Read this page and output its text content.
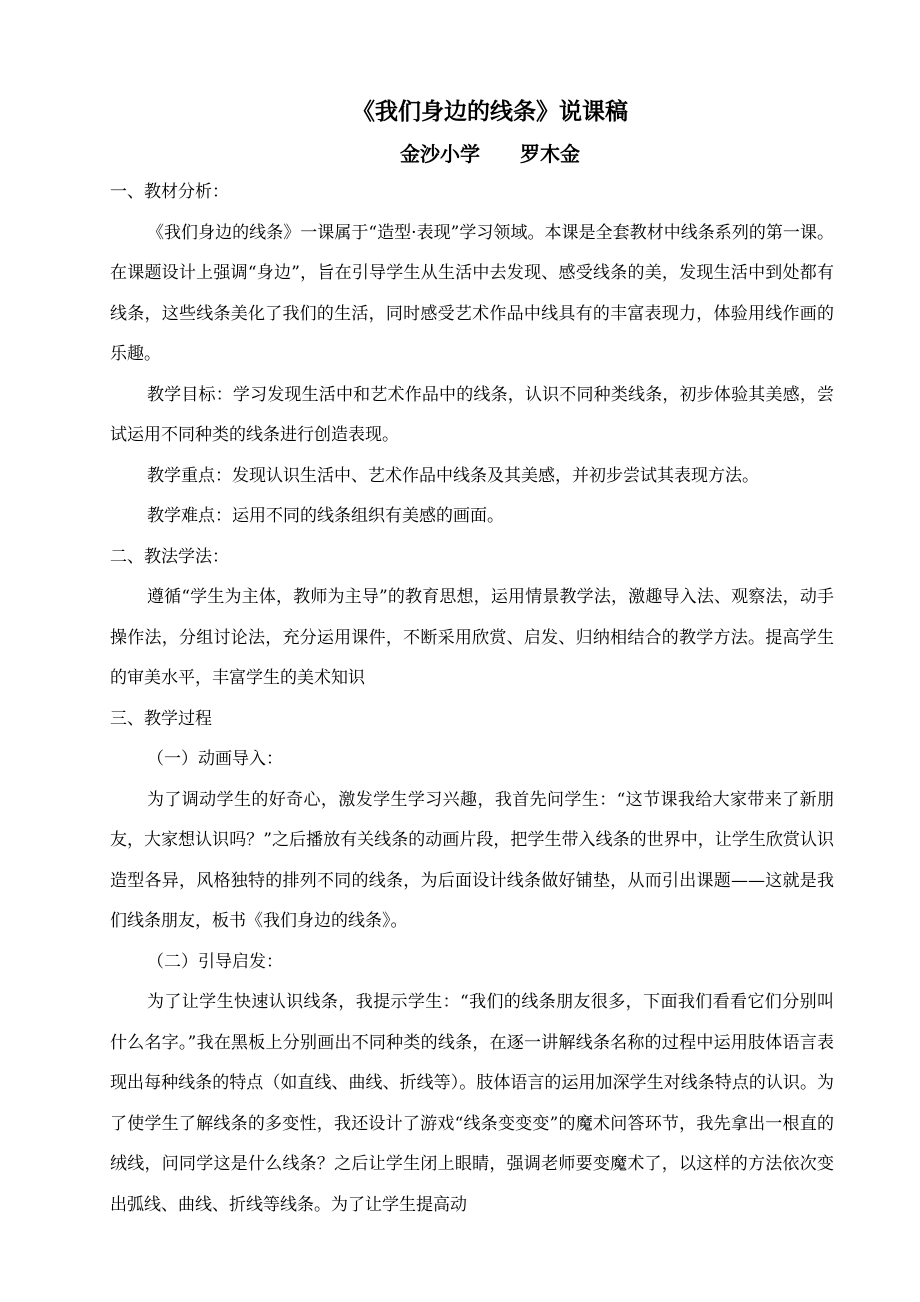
《我们身边的线条》说课稿
金沙小学 罗木金

一、教材分析：

《我们身边的线条》一课属于“造型·表现”学习领域。本课是全套教材中线条系列的第一课。在课题设计上强调“身边”，旨在引导学生从生活中去发现、感受线条的美，发现生活中到处都有线条，这些线条美化了我们的生活，同时感受艺术作品中线具有的丰富表现力，体验用线作画的乐趣。

教学目标：学习发现生活中和艺术作品中的线条，认识不同种类线条，初步体验其美感，尝试运用不同种类的线条进行创造表现。

教学重点：发现认识生活中、艺术作品中线条及其美感，并初步尝试其表现方法。

教学难点：运用不同的线条组织有美感的画面。

二、教法学法：

遵循“学生为主体，教师为主导”的教育思想，运用情景教学法，激趣导入法、观察法，动手操作法，分组讨论法，充分运用课件，不断采用欣赏、启发、归纳相结合的教学方法。提高学生的审美水平，丰富学生的美术知识

三、教学过程

（一）动画导入：

为了调动学生的好奇心，激发学生学习兴趣，我首先问学生：“这节课我给大家带来了新朋友，大家想认识吗？”之后播放有关线条的动画片段，把学生带入线条的世界中，让学生欣赏认识造型各异，风格独特的排列不同的线条，为后面设计线条做好铺垫，从而引出课题——这就是我们线条朋友，板书《我们身边的线条》。

（二）引导启发：

为了让学生快速认识线条，我提示学生：“我们的线条朋友很多，下面我们看看它们分别叫什么名字。”我在黑板上分别画出不同种类的线条，在逐一讲解线条名称的过程中运用肢体语言表现出每种线条的特点（如直线、曲线、折线等）。肢体语言的运用加深学生对线条特点的认识。为了使学生了解线条的多变性，我还设计了游戏“线条变变变”的魔术问答环节，我先拿出一根直的绒线，问同学这是什么线条？之后让学生闭上眼睛，强调老师要变魔术了，以这样的方法依次变出弧线、曲线、折线等线条。为了让学生提高动
